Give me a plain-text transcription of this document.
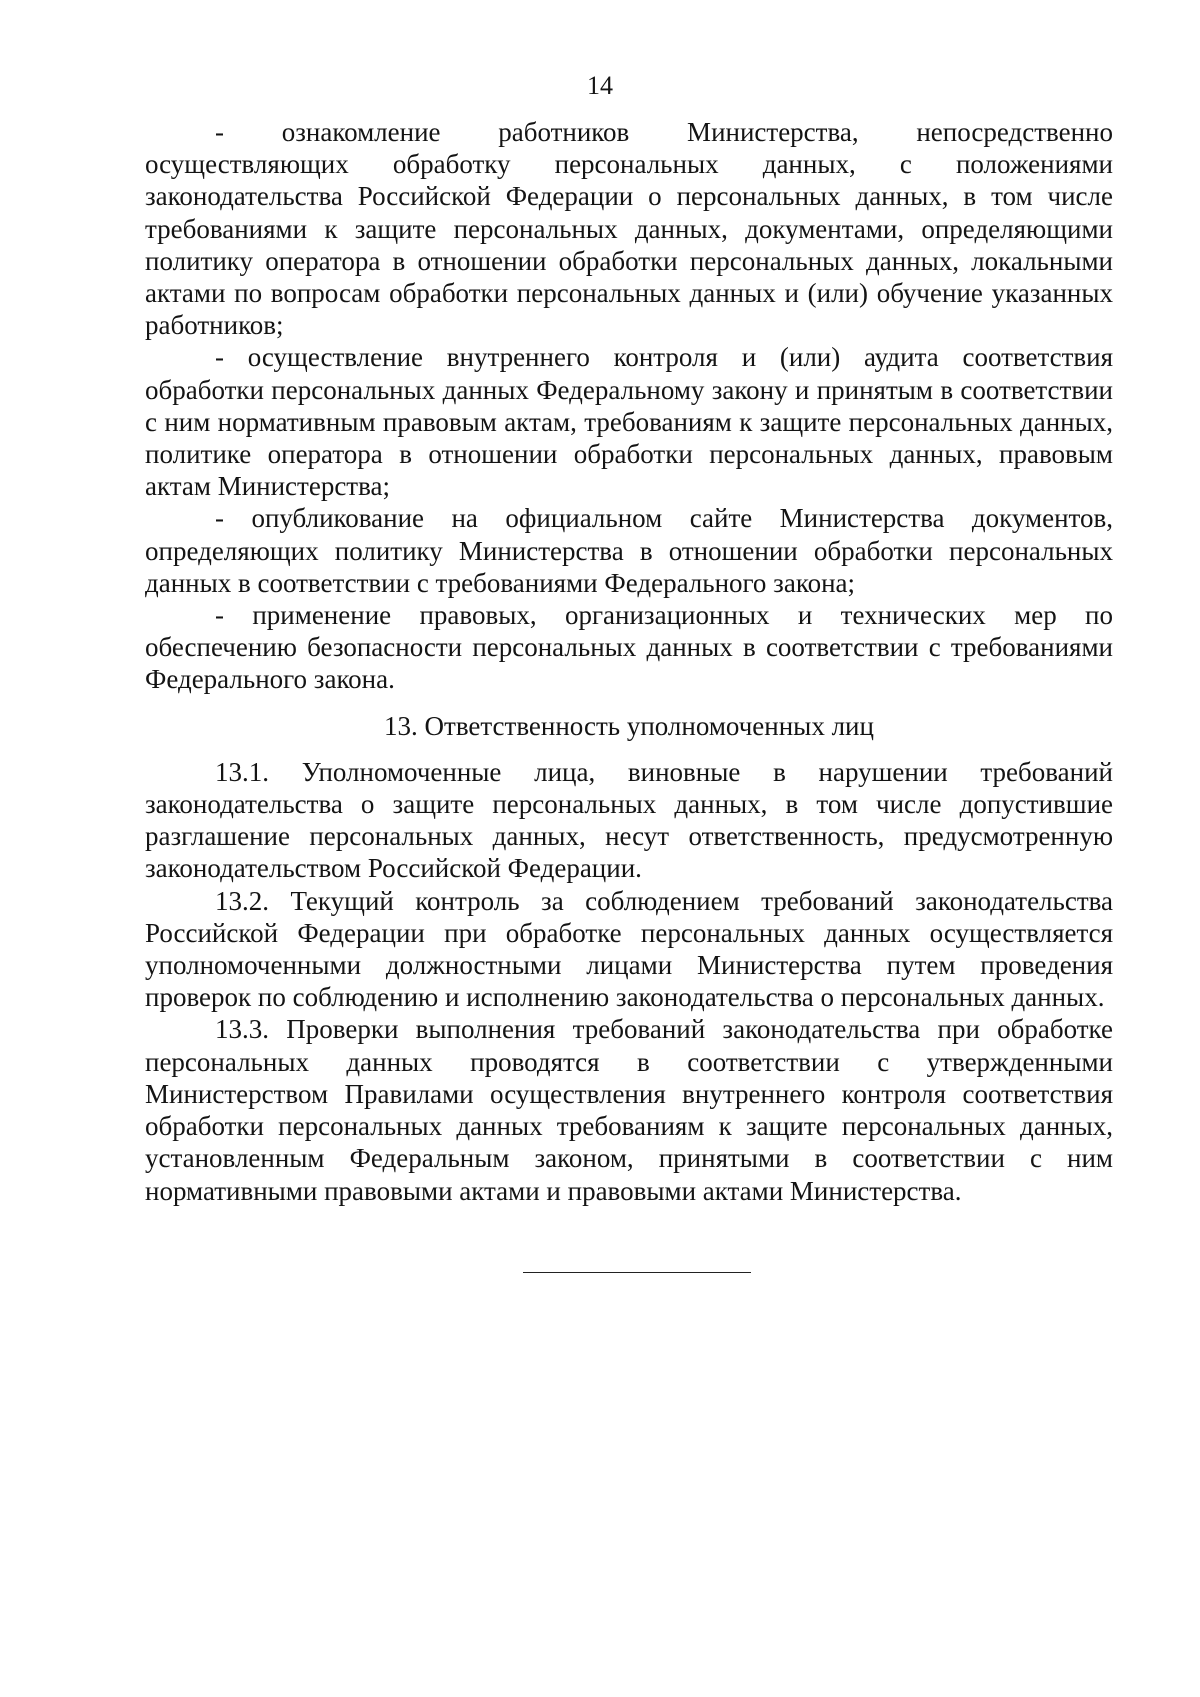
14

- ознакомление работников Министерства, непосредственно осуществляющих обработку персональных данных, с положениями законодательства Российской Федерации о персональных данных, в том числе требованиями к защите персональных данных, документами, определяющими политику оператора в отношении обработки персональных данных, локальными актами по вопросам обработки персональных данных и (или) обучение указанных работников;

- осуществление внутреннего контроля и (или) аудита соответствия обработки персональных данных Федеральному закону и принятым в соответствии с ним нормативным правовым актам, требованиям к защите персональных данных, политике оператора в отношении обработки персональных данных, правовым актам Министерства;

- опубликование на официальном сайте Министерства документов, определяющих политику Министерства в отношении обработки персональных данных в соответствии с требованиями Федерального закона;

- применение правовых, организационных и технических мер по обеспечению безопасности персональных данных в соответствии с требованиями Федерального закона.

13. Ответственность уполномоченных лиц

13.1. Уполномоченные лица, виновные в нарушении требований законодательства о защите персональных данных, в том числе допустившие разглашение персональных данных, несут ответственность, предусмотренную законодательством Российской Федерации.

13.2. Текущий контроль за соблюдением требований законодательства Российской Федерации при обработке персональных данных осуществляется уполномоченными должностными лицами Министерства путем проведения проверок по соблюдению и исполнению законодательства о персональных данных.

13.3. Проверки выполнения требований законодательства при обработке персональных данных проводятся в соответствии с утвержденными Министерством Правилами осуществления внутреннего контроля соответствия обработки персональных данных требованиям к защите персональных данных, установленным Федеральным законом, принятыми в соответствии с ним нормативными правовыми актами и правовыми актами Министерства.
